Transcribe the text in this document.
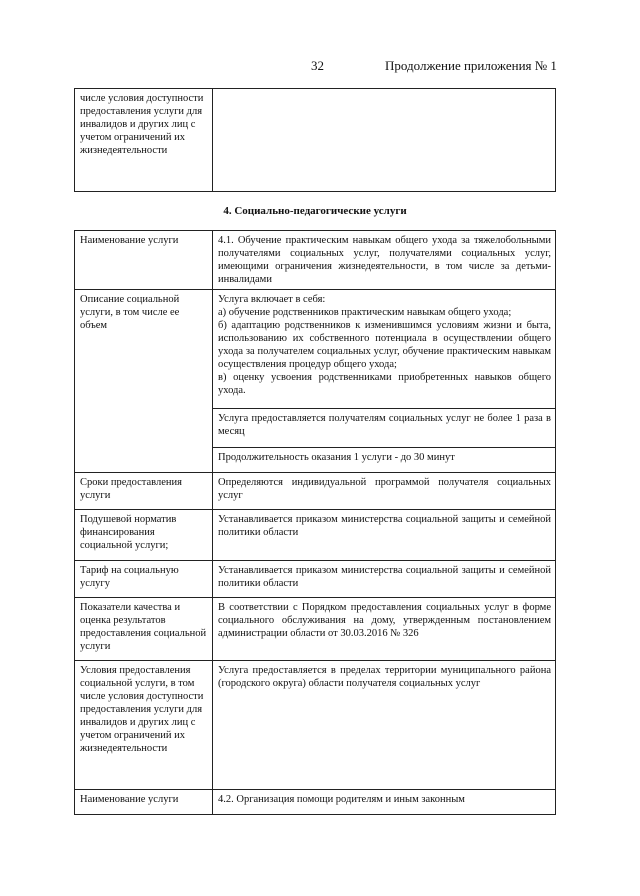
32	Продолжение приложения № 1
числе условия доступности предоставления услуги для инвалидов и других лиц с учетом ограничений их жизнедеятельности	
4. Социально-педагогические услуги
Наименование услуги	4.1. Обучение практическим навыкам общего ухода за тяжелобольными получателями социальных услуг, получателями социальных услуг, имеющими ограничения жизнедеятельности, в том числе за детьми-инвалидами
Описание социальной услуги, в том числе ее объем	Услуга включает в себя:
а) обучение родственников практическим навыкам общего ухода;
б) адаптацию родственников к изменившимся условиям жизни и быта, использованию их собственного потенциала в осуществлении общего ухода за получателем социальных услуг, обучение практическим навыкам осуществления процедур общего ухода;
в) оценку усвоения родственниками приобретенных навыков общего ухода.

	Услуга предоставляется получателям социальных услуг не более 1 раза в месяц
	Продолжительность оказания 1 услуги - до 30 минут
Сроки предоставления услуги	Определяются индивидуальной программой получателя социальных услуг
Подушевой норматив финансирования социальной услуги;	Устанавливается приказом министерства социальной защиты и семейной политики области
Тариф на социальную услугу	Устанавливается приказом министерства социальной защиты и семейной политики области
Показатели качества и оценка результатов предоставления социальной услуги	В соответствии с Порядком предоставления социальных услуг в форме социального обслуживания на дому, утвержденным постановлением администрации области от 30.03.2016 № 326
Условия предоставления социальной услуги, в том числе условия доступности предоставления услуги для инвалидов и других лиц с учетом ограничений их жизнедеятельности	Услуга предоставляется в пределах территории муниципального района (городского округа) области получателя социальных услуг
Наименование услуги	4.2. Организация помощи родителям и иным законным
